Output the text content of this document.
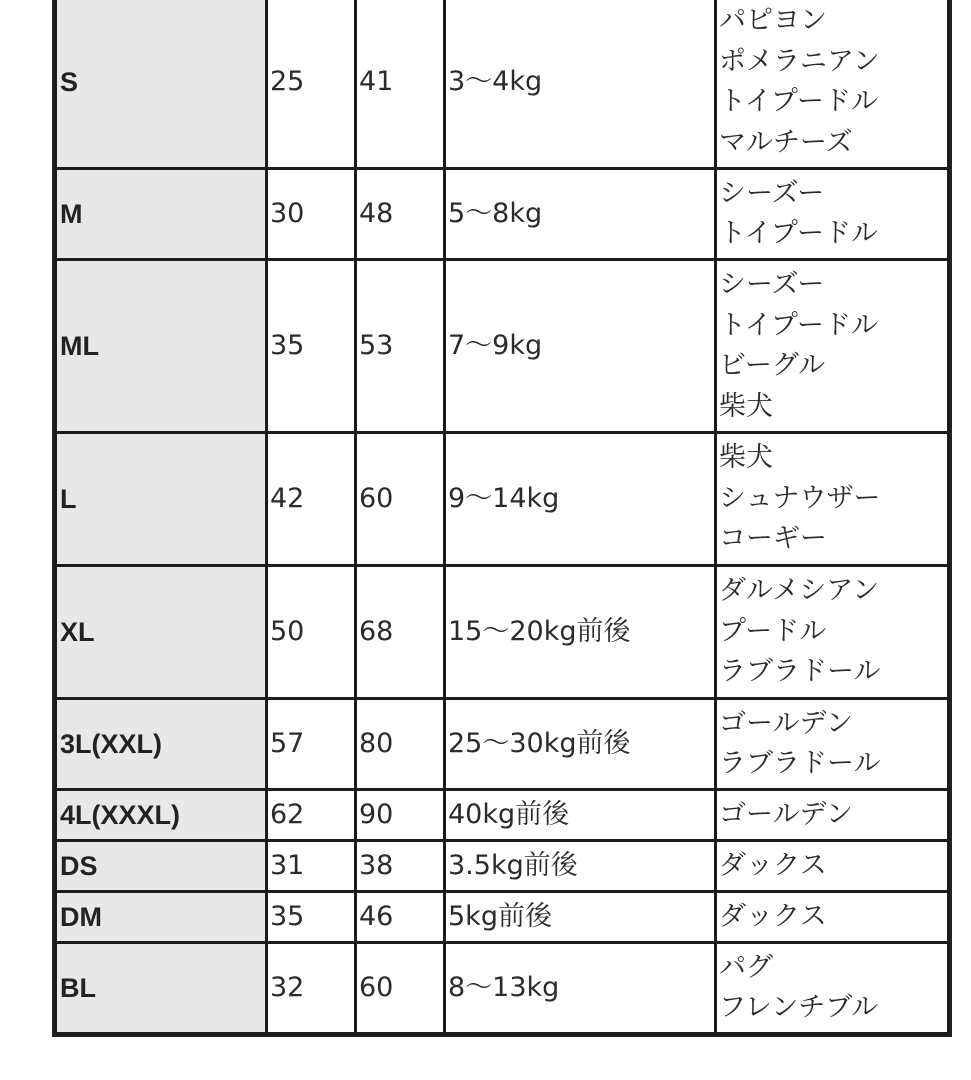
S	25	41	3〜4kg	パピヨン
ポメラニアン
トイプードル
マルチーズ

M	30	48	5〜8kg	シーズー
トイプードル

ML	35	53	7〜9kg	シーズー
トイプードル
ビーグル
柴犬

L	42	60	9〜14kg	柴犬
シュナウザー
コーギー

XL	50	68	15〜20kg前後	ダルメシアン
プードル
ラブラドール

3L(XXL)	57	80	25〜30kg前後	ゴールデン
ラブラドール

4L(XXXL)	62	90	40kg前後	ゴールデン

DS	31	38	3.5kg前後	ダックス

DM	35	46	5kg前後	ダックス

BL	32	60	8〜13kg	パグ
フレンチブル
